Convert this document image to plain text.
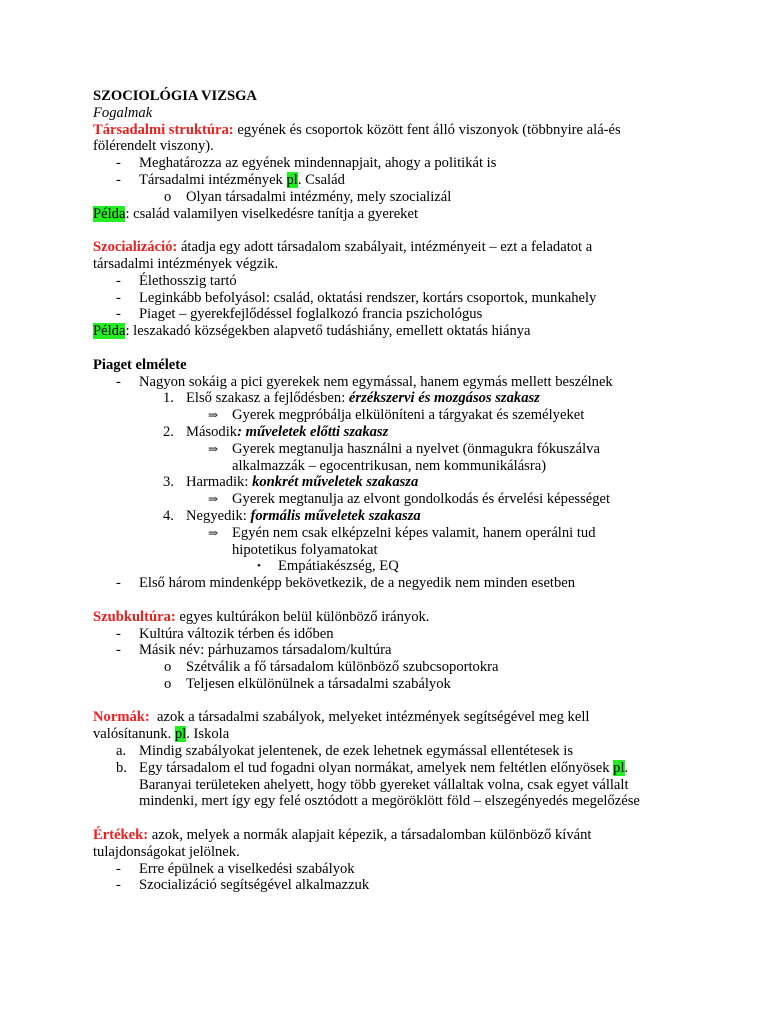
SZOCIOLÓGIA VIZSGA
Fogalmak
Társadalmi struktúra: egyének és csoportok között fent álló viszonyok (többnyire alá-és
fölérendelt viszony).
-	Meghatározza az egyének mindennapjait, ahogy a politikát is
-	Társadalmi intézmények pl. Család
o	Olyan társadalmi intézmény, mely szocializál
Példa: család valamilyen viselkedésre tanítja a gyereket
Szocializáció: átadja egy adott társadalom szabályait, intézményeit – ezt a feladatot a
társadalmi intézmények végzik.
-	Élethosszig tartó
-	Leginkább befolyásol: család, oktatási rendszer, kortárs csoportok, munkahely
-	Piaget – gyerekfejlődéssel foglalkozó francia pszichológus
Példa: leszakadó községekben alapvető tudáshiány, emellett oktatás hiánya
Piaget elmélete
-	Nagyon sokáig a pici gyerekek nem egymással, hanem egymás mellett beszélnek
1. Első szakasz a fejlődésben: érzékszervi és mozgásos szakasz
⇒ Gyerek megpróbálja elkülöníteni a tárgyakat és személyeket
2. Második: műveletek előtti szakasz
⇒ Gyerek megtanulja használni a nyelvet (önmagukra fókuszálva
alkalmazzák – egocentrikusan, nem kommunikálásra)
3. Harmadik: konkrét műveletek szakasza
⇒ Gyerek megtanulja az elvont gondolkodás és érvelési képességet
4. Negyedik: formális műveletek szakasza
⇒ Egyén nem csak elképzelni képes valamit, hanem operálni tud
hipotetikus folyamatokat
•	Empátiakészség, EQ
-	Első három mindenképp bekövetkezik, de a negyedik nem minden esetben
Szubkultúra: egyes kultúrákon belül különböző irányok.
-	Kultúra változik térben és időben
-	Másik név: párhuzamos társadalom/kultúra
o	Szétválik a fő társadalom különböző szubcsoportokra
o	Teljesen elkülönülnek a társadalmi szabályok
Normák:  azok a társadalmi szabályok, melyeket intézmények segítségével meg kell
valósítanunk. pl. Iskola
a. Mindig szabályokat jelentenek, de ezek lehetnek egymással ellentétesek is
b. Egy társadalom el tud fogadni olyan normákat, amelyek nem feltétlen előnyösek pl.
Baranyai területeken ahelyett, hogy több gyereket vállaltak volna, csak egyet vállalt
mindenki, mert így egy felé osztódott a megöröklött föld – elszegényedés megelőzése
Értékek: azok, melyek a normák alapjait képezik, a társadalomban különböző kívánt
tulajdonságokat jelölnek.
-	Erre épülnek a viselkedési szabályok
-	Szocializáció segítségével alkalmazzuk
